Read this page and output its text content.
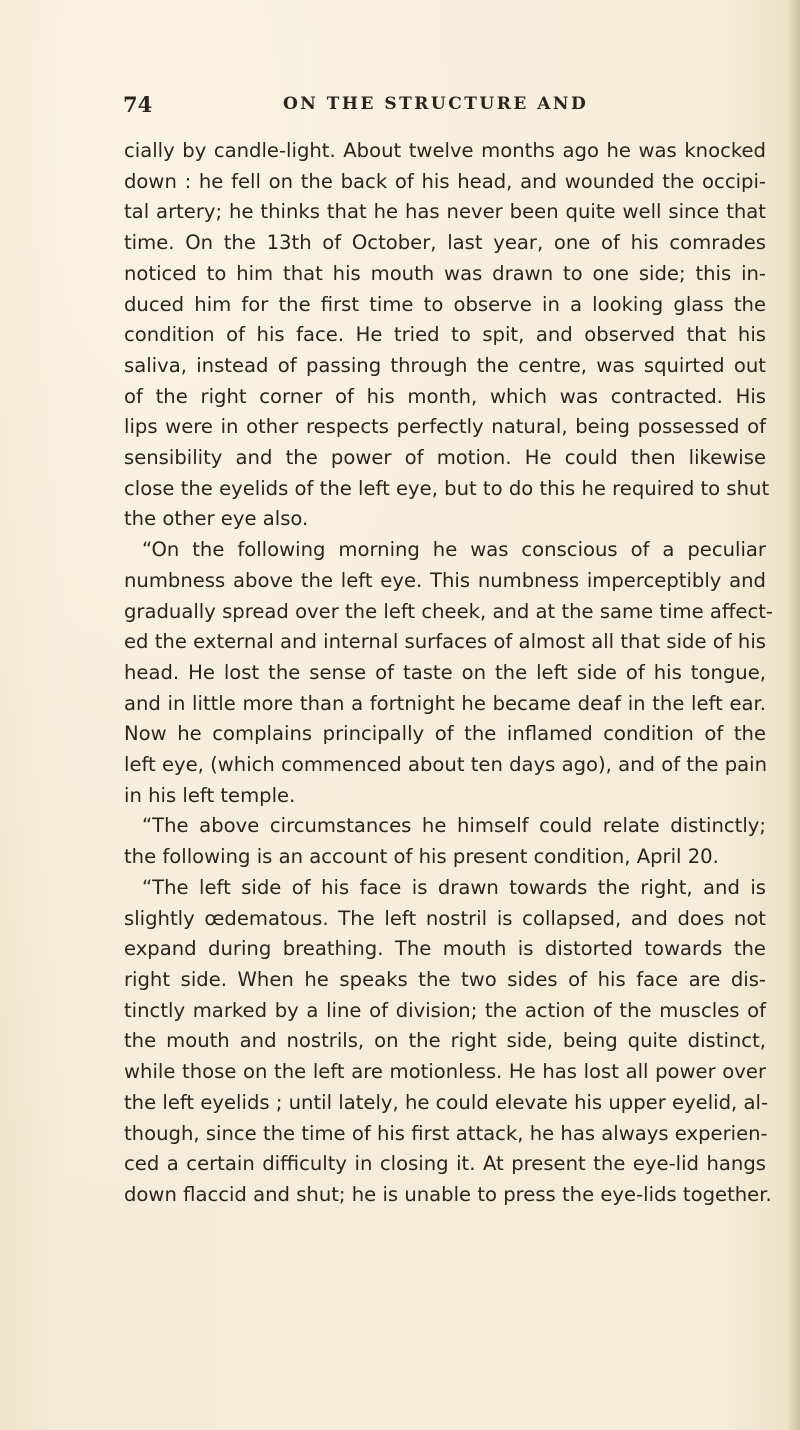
74	ON THE STRUCTURE AND
cially by candle-light. About twelve months ago he was knocked
down : he fell on the back of his head, and wounded the occipi-
tal artery; he thinks that he has never been quite well since that
time. On the 13th of October, last year, one of his comrades
noticed to him that his mouth was drawn to one side; this in-
duced him for the first time to observe in a looking glass the
condition of his face. He tried to spit, and observed that his
saliva, instead of passing through the centre, was squirted out
of the right corner of his month, which was contracted. His
lips were in other respects perfectly natural, being possessed of
sensibility and the power of motion. He could then likewise
close the eyelids of the left eye, but to do this he required to shut
the other eye also.
“On the following morning he was conscious of a peculiar
numbness above the left eye. This numbness imperceptibly and
gradually spread over the left cheek, and at the same time affect-
ed the external and internal surfaces of almost all that side of his
head. He lost the sense of taste on the left side of his tongue,
and in little more than a fortnight he became deaf in the left ear.
Now he complains principally of the inflamed condition of the
left eye, (which commenced about ten days ago), and of the pain
in his left temple.
“The above circumstances he himself could relate distinctly;
the following is an account of his present condition, April 20.
“The left side of his face is drawn towards the right, and is
slightly œdematous. The left nostril is collapsed, and does not
expand during breathing. The mouth is distorted towards the
right side. When he speaks the two sides of his face are dis-
tinctly marked by a line of division; the action of the muscles of
the mouth and nostrils, on the right side, being quite distinct,
while those on the left are motionless. He has lost all power over
the left eyelids ; until lately, he could elevate his upper eyelid, al-
though, since the time of his first attack, he has always experien-
ced a certain difficulty in closing it. At present the eye-lid hangs
down flaccid and shut; he is unable to press the eye-lids together.
